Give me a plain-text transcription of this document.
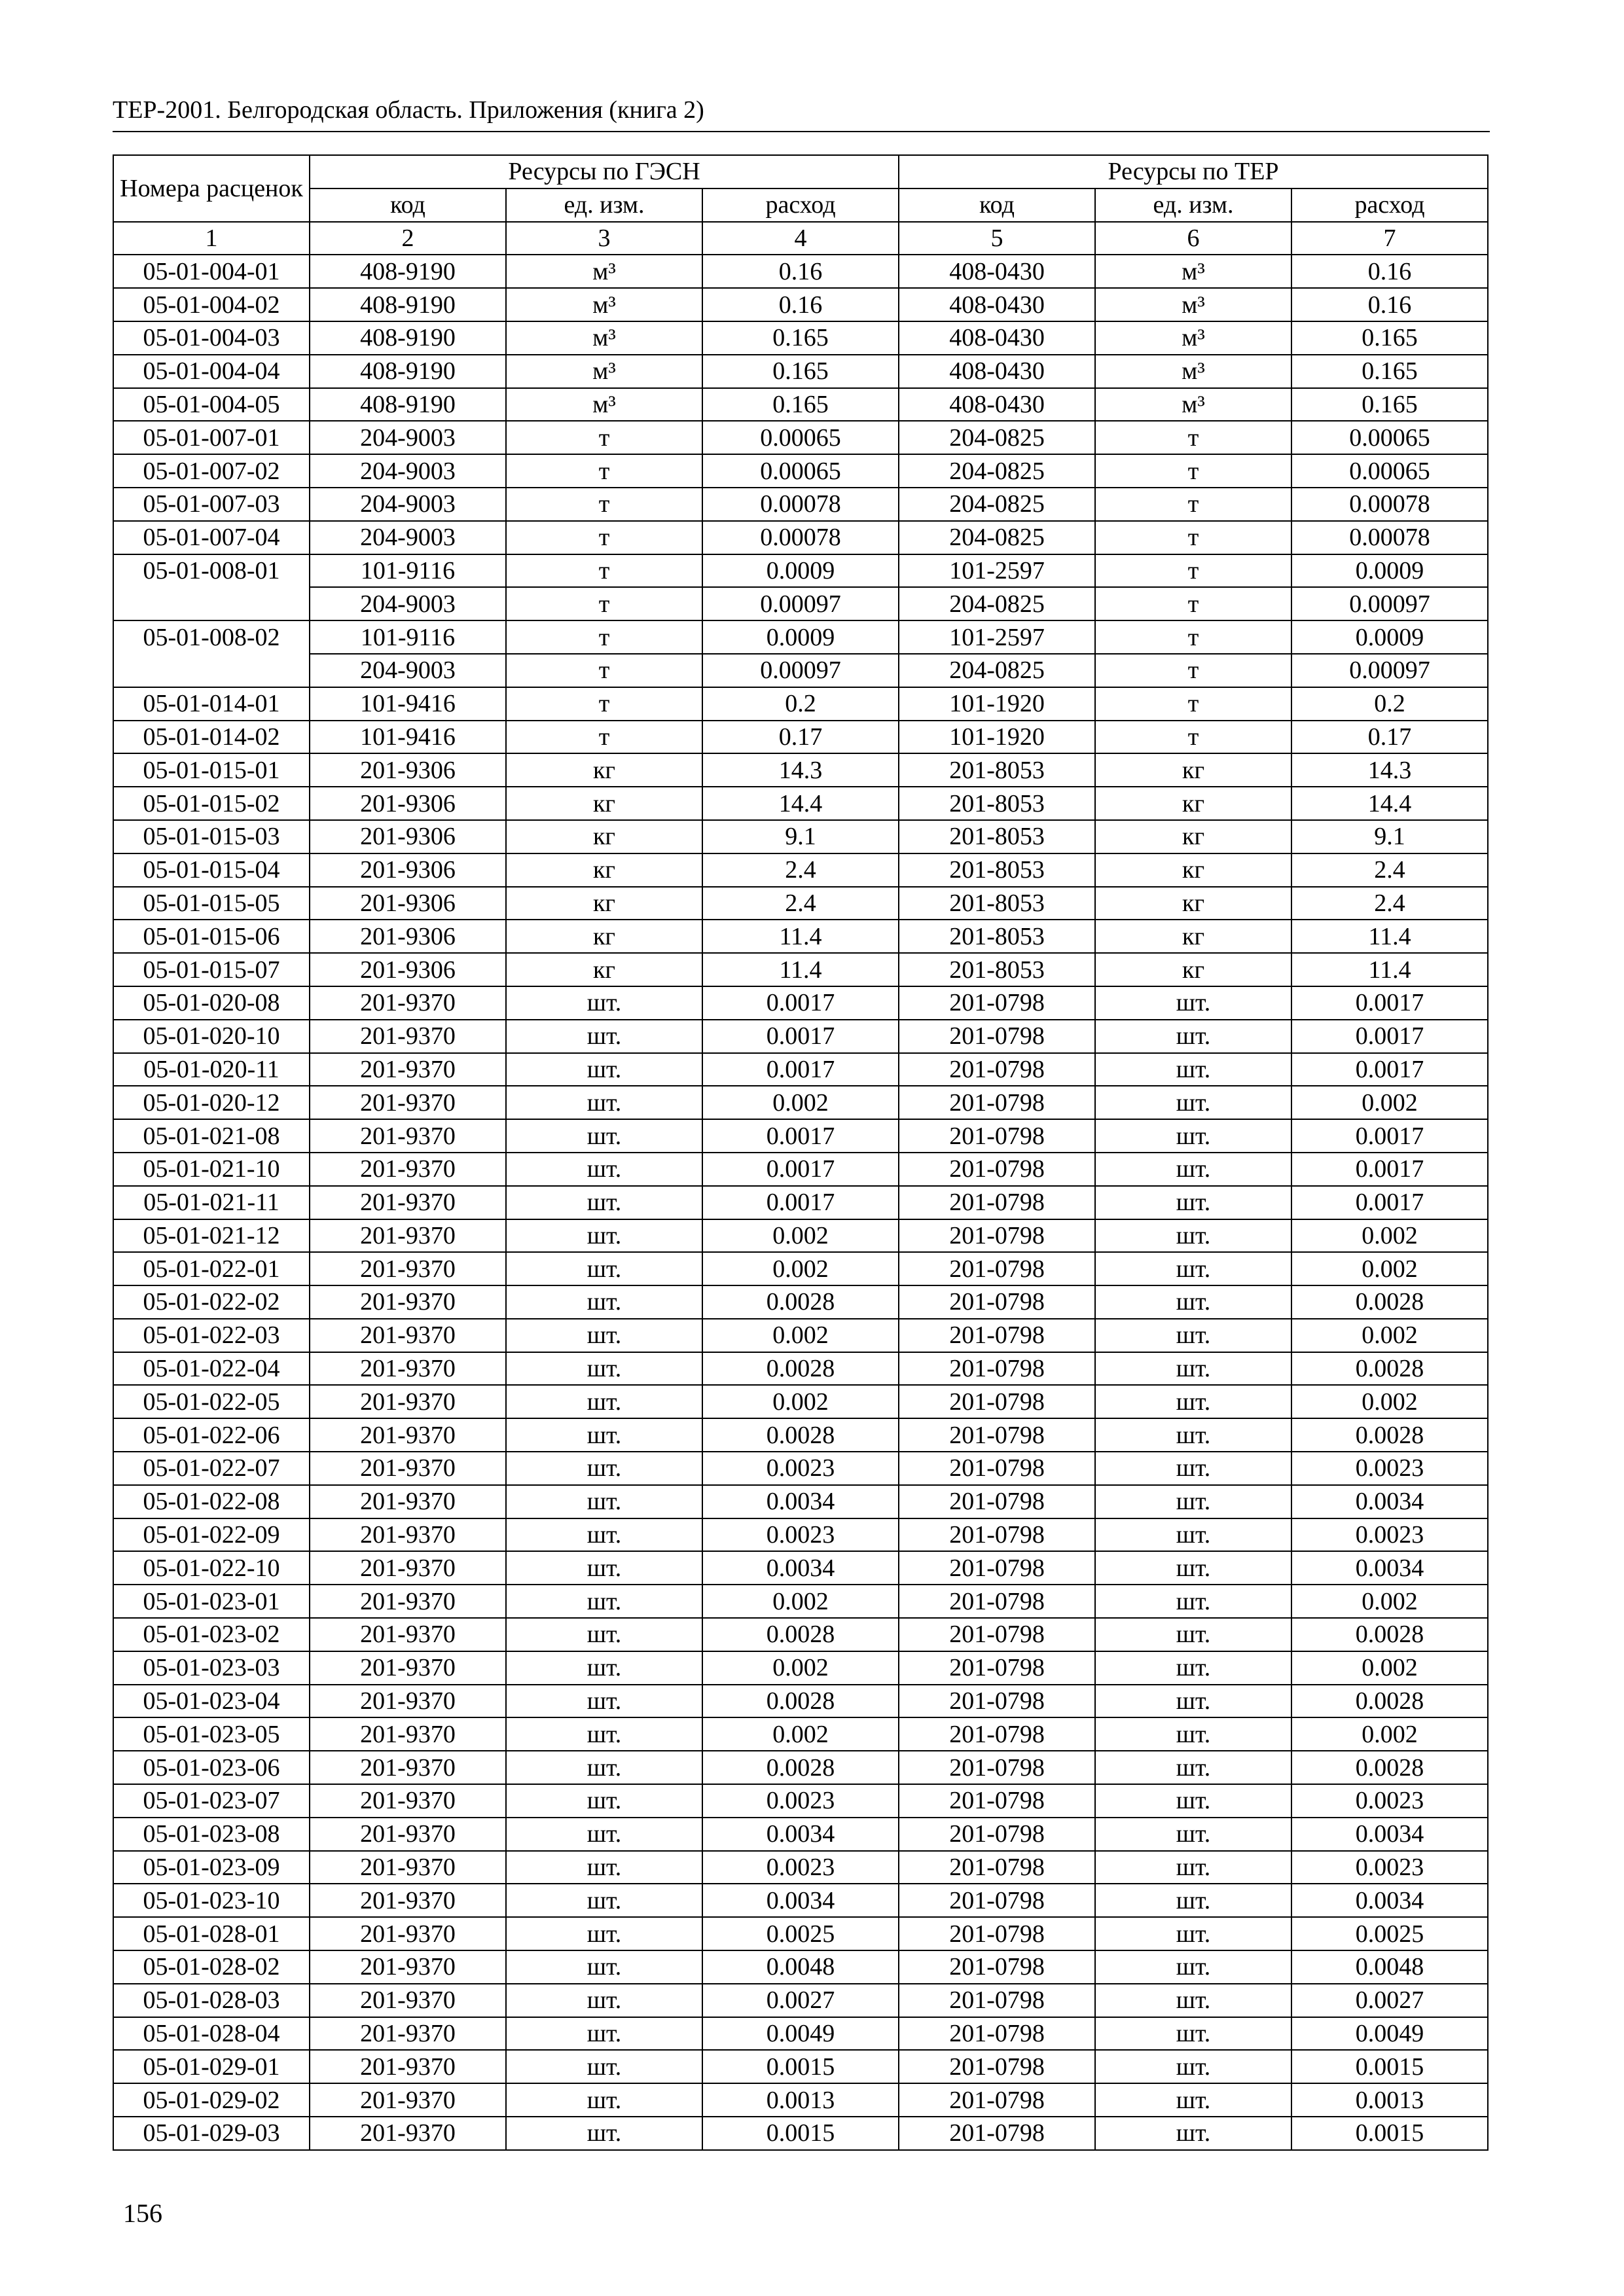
ТЕР-2001. Белгородская область. Приложения (книга 2)
Номера расценок	Ресурсы по ГЭСН			Ресурсы по ТЕР		
	код	ед. изм.	расход	код	ед. изм.	расход
1	2	3	4	5	6	7
05-01-004-01	408-9190	м³	0.16	408-0430	м³	0.16
05-01-004-02	408-9190	м³	0.16	408-0430	м³	0.16
05-01-004-03	408-9190	м³	0.165	408-0430	м³	0.165
05-01-004-04	408-9190	м³	0.165	408-0430	м³	0.165
05-01-004-05	408-9190	м³	0.165	408-0430	м³	0.165
05-01-007-01	204-9003	т	0.00065	204-0825	т	0.00065
05-01-007-02	204-9003	т	0.00065	204-0825	т	0.00065
05-01-007-03	204-9003	т	0.00078	204-0825	т	0.00078
05-01-007-04	204-9003	т	0.00078	204-0825	т	0.00078
05-01-008-01	101-9116	т	0.0009	101-2597	т	0.0009
	204-9003	т	0.00097	204-0825	т	0.00097
05-01-008-02	101-9116	т	0.0009	101-2597	т	0.0009
	204-9003	т	0.00097	204-0825	т	0.00097
05-01-014-01	101-9416	т	0.2	101-1920	т	0.2
05-01-014-02	101-9416	т	0.17	101-1920	т	0.17
05-01-015-01	201-9306	кг	14.3	201-8053	кг	14.3
05-01-015-02	201-9306	кг	14.4	201-8053	кг	14.4
05-01-015-03	201-9306	кг	9.1	201-8053	кг	9.1
05-01-015-04	201-9306	кг	2.4	201-8053	кг	2.4
05-01-015-05	201-9306	кг	2.4	201-8053	кг	2.4
05-01-015-06	201-9306	кг	11.4	201-8053	кг	11.4
05-01-015-07	201-9306	кг	11.4	201-8053	кг	11.4
05-01-020-08	201-9370	шт.	0.0017	201-0798	шт.	0.0017
05-01-020-10	201-9370	шт.	0.0017	201-0798	шт.	0.0017
05-01-020-11	201-9370	шт.	0.0017	201-0798	шт.	0.0017
05-01-020-12	201-9370	шт.	0.002	201-0798	шт.	0.002
05-01-021-08	201-9370	шт.	0.0017	201-0798	шт.	0.0017
05-01-021-10	201-9370	шт.	0.0017	201-0798	шт.	0.0017
05-01-021-11	201-9370	шт.	0.0017	201-0798	шт.	0.0017
05-01-021-12	201-9370	шт.	0.002	201-0798	шт.	0.002
05-01-022-01	201-9370	шт.	0.002	201-0798	шт.	0.002
05-01-022-02	201-9370	шт.	0.0028	201-0798	шт.	0.0028
05-01-022-03	201-9370	шт.	0.002	201-0798	шт.	0.002
05-01-022-04	201-9370	шт.	0.0028	201-0798	шт.	0.0028
05-01-022-05	201-9370	шт.	0.002	201-0798	шт.	0.002
05-01-022-06	201-9370	шт.	0.0028	201-0798	шт.	0.0028
05-01-022-07	201-9370	шт.	0.0023	201-0798	шт.	0.0023
05-01-022-08	201-9370	шт.	0.0034	201-0798	шт.	0.0034
05-01-022-09	201-9370	шт.	0.0023	201-0798	шт.	0.0023
05-01-022-10	201-9370	шт.	0.0034	201-0798	шт.	0.0034
05-01-023-01	201-9370	шт.	0.002	201-0798	шт.	0.002
05-01-023-02	201-9370	шт.	0.0028	201-0798	шт.	0.0028
05-01-023-03	201-9370	шт.	0.002	201-0798	шт.	0.002
05-01-023-04	201-9370	шт.	0.0028	201-0798	шт.	0.0028
05-01-023-05	201-9370	шт.	0.002	201-0798	шт.	0.002
05-01-023-06	201-9370	шт.	0.0028	201-0798	шт.	0.0028
05-01-023-07	201-9370	шт.	0.0023	201-0798	шт.	0.0023
05-01-023-08	201-9370	шт.	0.0034	201-0798	шт.	0.0034
05-01-023-09	201-9370	шт.	0.0023	201-0798	шт.	0.0023
05-01-023-10	201-9370	шт.	0.0034	201-0798	шт.	0.0034
05-01-028-01	201-9370	шт.	0.0025	201-0798	шт.	0.0025
05-01-028-02	201-9370	шт.	0.0048	201-0798	шт.	0.0048
05-01-028-03	201-9370	шт.	0.0027	201-0798	шт.	0.0027
05-01-028-04	201-9370	шт.	0.0049	201-0798	шт.	0.0049
05-01-029-01	201-9370	шт.	0.0015	201-0798	шт.	0.0015
05-01-029-02	201-9370	шт.	0.0013	201-0798	шт.	0.0013
05-01-029-03	201-9370	шт.	0.0015	201-0798	шт.	0.0015
156
